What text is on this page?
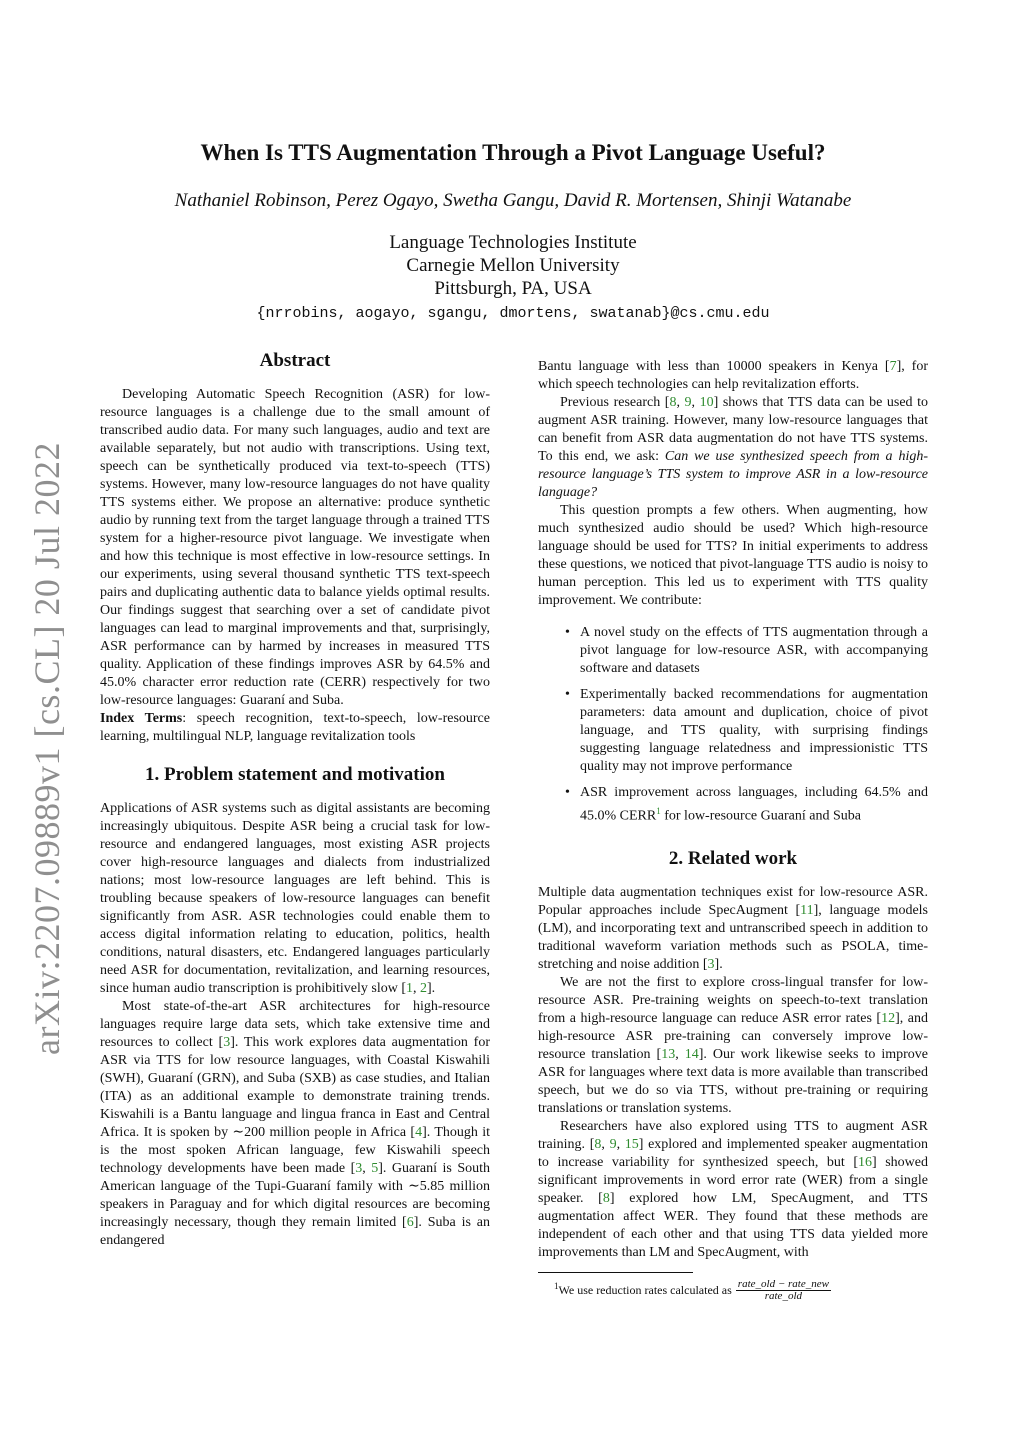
arXiv:2207.09889v1 [cs.CL] 20 Jul 2022
When Is TTS Augmentation Through a Pivot Language Useful?
Nathaniel Robinson, Perez Ogayo, Swetha Gangu, David R. Mortensen, Shinji Watanabe
Language Technologies Institute
Carnegie Mellon University
Pittsburgh, PA, USA
{nrrobins, aogayo, sgangu, dmortens, swatanab}@cs.cmu.edu
Abstract

Developing Automatic Speech Recognition (ASR) for low-resource languages is a challenge due to the small amount of transcribed audio data. For many such languages, audio and text are available separately, but not audio with transcriptions. Using text, speech can be synthetically produced via text-to-speech (TTS) systems. However, many low-resource languages do not have quality TTS systems either. We propose an alternative: produce synthetic audio by running text from the target language through a trained TTS system for a higher-resource pivot language. We investigate when and how this technique is most effective in low-resource settings. In our experiments, using several thousand synthetic TTS text-speech pairs and duplicating authentic data to balance yields optimal results. Our findings suggest that searching over a set of candidate pivot languages can lead to marginal improvements and that, surprisingly, ASR performance can by harmed by increases in measured TTS quality. Application of these findings improves ASR by 64.5% and 45.0% character error reduction rate (CERR) respectively for two low-resource languages: Guaraní and Suba.

Index Terms: speech recognition, text-to-speech, low-resource learning, multilingual NLP, language revitalization tools

1. Problem statement and motivation

Applications of ASR systems such as digital assistants are becoming increasingly ubiquitous. Despite ASR being a crucial task for low-resource and endangered languages, most existing ASR projects cover high-resource languages and dialects from industrialized nations; most low-resource languages are left behind. This is troubling because speakers of low-resource languages can benefit significantly from ASR. ASR technologies could enable them to access digital information relating to education, politics, health conditions, natural disasters, etc. Endangered languages particularly need ASR for documentation, revitalization, and learning resources, since human audio transcription is prohibitively slow [1, 2].

Most state-of-the-art ASR architectures for high-resource languages require large data sets, which take extensive time and resources to collect [3]. This work explores data augmentation for ASR via TTS for low resource languages, with Coastal Kiswahili (SWH), Guaraní (GRN), and Suba (SXB) as case studies, and Italian (ITA) as an additional example to demonstrate training trends. Kiswahili is a Bantu language and lingua franca in East and Central Africa. It is spoken by ∼200 million people in Africa [4]. Though it is the most spoken African language, few Kiswahili speech technology developments have been made [3, 5]. Guaraní is South American language of the Tupi-Guaraní family with ∼5.85 million speakers in Paraguay and for which digital resources are becoming increasingly necessary, though they remain limited [6]. Suba is an endangered

Bantu language with less than 10000 speakers in Kenya [7], for which speech technologies can help revitalization efforts.

Previous research [8, 9, 10] shows that TTS data can be used to augment ASR training. However, many low-resource languages that can benefit from ASR data augmentation do not have TTS systems. To this end, we ask: Can we use synthesized speech from a high-resource language’s TTS system to improve ASR in a low-resource language?

This question prompts a few others. When augmenting, how much synthesized audio should be used? Which high-resource language should be used for TTS? In initial experiments to address these questions, we noticed that pivot-language TTS audio is noisy to human perception. This led us to experiment with TTS quality improvement. We contribute:

• A novel study on the effects of TTS augmentation through a pivot language for low-resource ASR, with accompanying software and datasets
• Experimentally backed recommendations for augmentation parameters: data amount and duplication, choice of pivot language, and TTS quality, with surprising findings suggesting language relatedness and impressionistic TTS quality may not improve performance
• ASR improvement across languages, including 64.5% and 45.0% CERR$^1$ for low-resource Guaraní and Suba
2. Related work

Multiple data augmentation techniques exist for low-resource ASR. Popular approaches include SpecAugment [11], language models (LM), and incorporating text and untranscribed speech in addition to traditional waveform variation methods such as PSOLA, time-stretching and noise addition [3].

We are not the first to explore cross-lingual transfer for low-resource ASR. Pre-training weights on speech-to-text translation from a high-resource language can reduce ASR error rates [12], and high-resource ASR pre-training can conversely improve low-resource translation [13, 14]. Our work likewise seeks to improve ASR for languages where text data is more available than transcribed speech, but we do so via TTS, without pre-training or requiring translations or translation systems.

Researchers have also explored using TTS to augment ASR training. [8, 9, 15] explored and implemented speaker augmentation to increase variability for synthesized speech, but [16] showed significant improvements in word error rate (WER) from a single speaker. [8] explored how LM, SpecAugment, and TTS augmentation affect WER. They found that these methods are independent of each other and that using TTS data yielded more improvements than LM and SpecAugment, with

$^1$We use reduction rates calculated as $\frac{\text{rate\_old − rate\_new}}{\text{rate\_old}}$
